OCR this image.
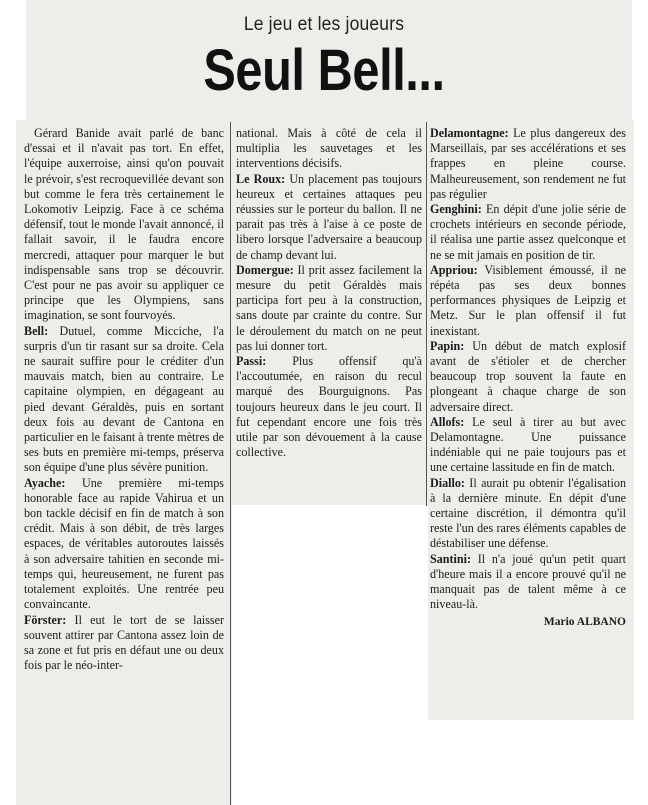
Le jeu et les joueurs
Seul Bell...

Gérard Banide avait parlé de banc d'essai et il n'avait pas tort. En effet, l'équipe auxerroise, ainsi qu'on pouvait le prévoir, s'est recroquevillée devant son but comme le fera très certainement le Lokomotiv Leipzig. Face à ce schéma défensif, tout le monde l'avait annoncé, il fallait savoir, il le faudra encore mercredi, attaquer pour marquer le but indispensable sans trop se découvrir. C'est pour ne pas avoir su appliquer ce principe que les Olympiens, sans imagination, se sont fourvoyés.

Bell: Dutuel, comme Micciche, l'a surpris d'un tir rasant sur sa droite. Cela ne saurait suffire pour le créditer d'un mauvais match, bien au contraire. Le capitaine olympien, en dégageant au pied devant Géraldès, puis en sortant deux fois au devant de Cantona en particulier en le faisant à trente mètres de ses buts en première mi-temps, préserva son équipe d'une plus sévère punition.

Ayache: Une première mi-temps honorable face au rapide Vahirua et un bon tackle décisif en fin de match à son crédit. Mais à son débit, de très larges espaces, de véritables autoroutes laissés à son adversaire tahitien en seconde mi-temps qui, heureusement, ne furent pas totalement exploités. Une rentrée peu convaincante.

Förster: Il eut le tort de se laisser souvent attirer par Cantona assez loin de sa zone et fut pris en défaut une ou deux fois par le néo-inter-

national. Mais à côté de cela il multiplia les sauvetages et les interventions décisifs.

Le Roux: Un placement pas toujours heureux et certaines attaques peu réussies sur le porteur du ballon. Il ne parait pas très à l'aise à ce poste de libero lorsque l'adversaire a beaucoup de champ devant lui.

Domergue: Il prit assez facilement la mesure du petit Géraldès mais participa fort peu à la construction, sans doute par crainte du contre. Sur le déroulement du match on ne peut pas lui donner tort.

Passi: Plus offensif qu'à l'accoutumée, en raison du recul marqué des Bourguignons. Pas toujours heureux dans le jeu court. Il fut cependant encore une fois très utile par son dévouement à la cause collective.

Delamontagne: Le plus dangereux des Marseillais, par ses accélérations et ses frappes en pleine course. Malheureusement, son rendement ne fut pas régulier

Genghini: En dépit d'une jolie série de crochets intérieurs en seconde période, il réalisa une partie assez quelconque et ne se mit jamais en position de tir.

Appriou: Visiblement émoussé, il ne répéta pas ses deux bonnes performances physiques de Leipzig et Metz. Sur le plan offensif il fut inexistant.

Papin: Un début de match explosif avant de s'étioler et de chercher beaucoup trop souvent la faute en plongeant à chaque charge de son adversaire direct.

Allofs: Le seul à tirer au but avec Delamontagne. Une puissance indéniable qui ne paie toujours pas et une certaine lassitude en fin de match.

Diallo: Il aurait pu obtenir l'égalisation à la dernière minute. En dépit d'une certaine discrétion, il démontra qu'il reste l'un des rares éléments capables de déstabiliser une défense.

Santini: Il n'a joué qu'un petit quart d'heure mais il a encore prouvé qu'il ne manquait pas de talent même à ce niveau-là.

Mario ALBANO
